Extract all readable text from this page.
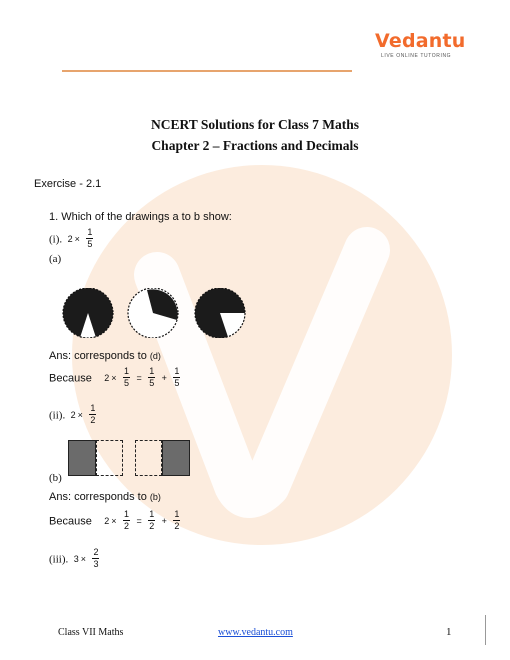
Vedantu
LIVE ONLINE TUTORING
NCERT Solutions for Class 7 Maths
Chapter 2 – Fractions and Decimals
Exercise - 2.1
1. Which of the drawings a to b show:
(i). $2 \times \frac{1}{5}$
(a)
Ans: corresponds to (d)
Because $2 \times \frac{1}{5} = \frac{1}{5} + \frac{1}{5}$
(ii). $2 \times \frac{1}{2}$
(b)
Ans: corresponds to (b)
Because $2 \times \frac{1}{2} = \frac{1}{2} + \frac{1}{2}$
(iii). $3 \times \frac{2}{3}$
Class VII Maths	www.vedantu.com	1
